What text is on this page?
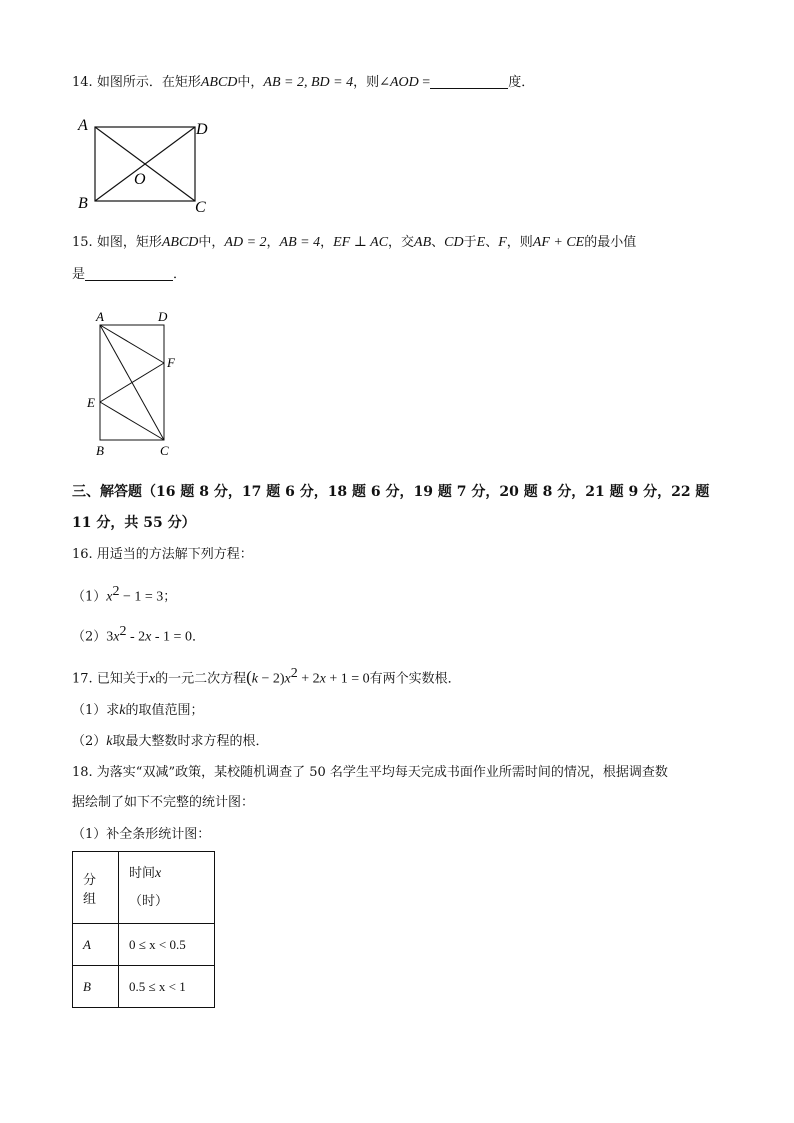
14. 如图所示．在矩形ABCD中，AB = 2, BD = 4，则∠AOD =	度．
A	D
B	C
O
15. 如图，矩形ABCD中，AD = 2，AB = 4，EF ⊥ AC，交AB、CD于E、F，则AF + CE的最小值
是	．
A	D
F
E
B	C
三、解答题（16 题 8 分，17 题 6 分，18 题 6 分，19 题 7 分，20 题 8 分，21 题 9 分，22 题
11 分，共 55 分）
16. 用适当的方法解下列方程：
$(1)x^2 - 1 = 3$；
$(2)3x^2 - 2x - 1 = 0$．
17. 已知关于x的一元二次方程$(k - 2)x^2 + 2x + 1 = 0$有两个实数根．
（1）求k的取值范围；
（2）k取最大整数时求方程的根．
18. 为落实“双减”政策，某校随机调查了 50 名学生平均每天完成书面作业所需时间的情况，根据调查数
据绘制了如下不完整的统计图：
（1）补全条形统计图：
分组	时间x
（时）

A	0 ≤ x < 0.5
B	0.5 ≤ x < 1
